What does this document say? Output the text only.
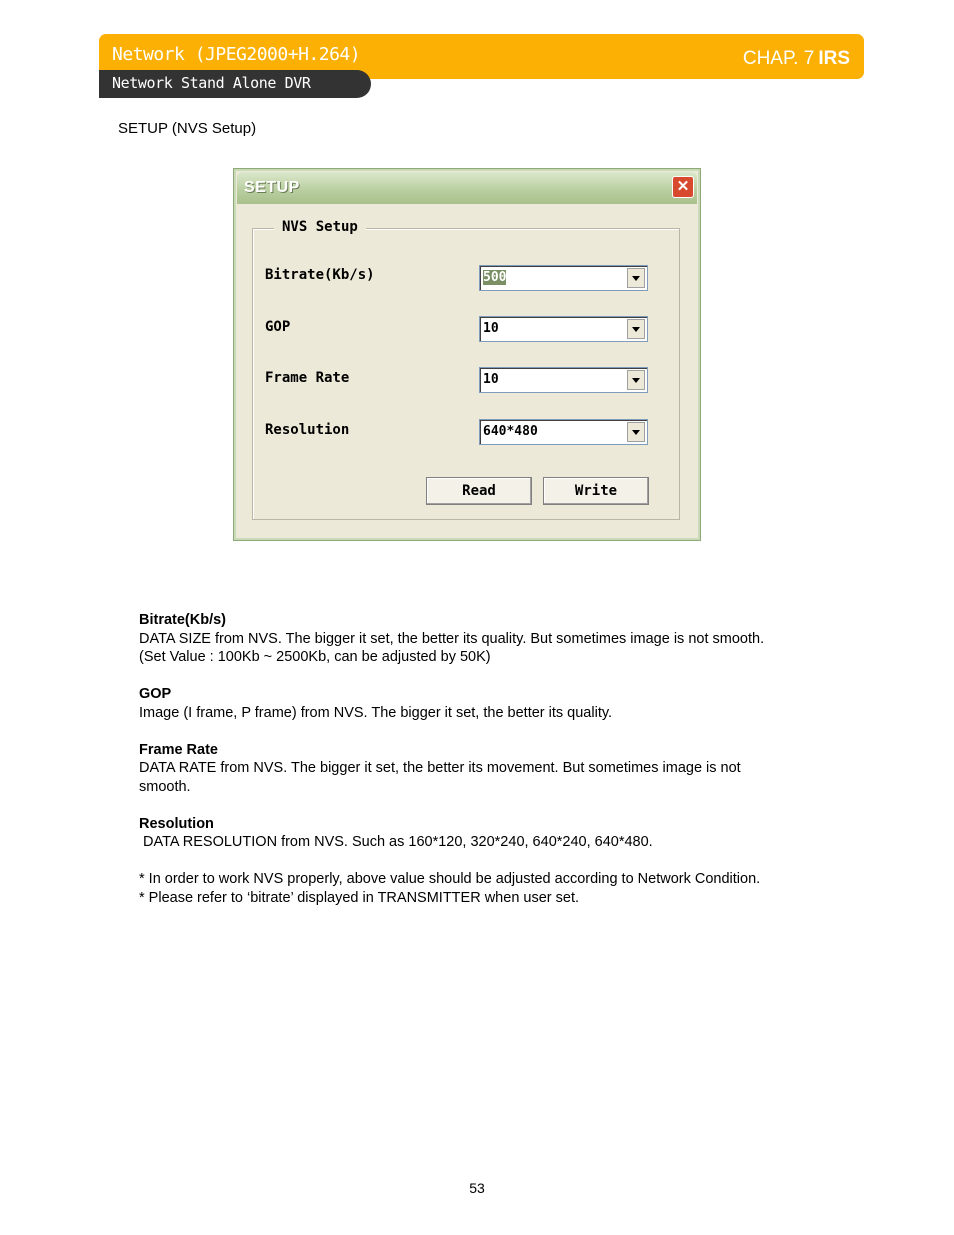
Network (JPEG2000+H.264)	CHAP. 7 IRS
Network Stand Alone DVR
SETUP (NVS Setup)
SETUP	✕
NVS Setup
Bitrate(Kb/s)	500
GOP	10
Frame Rate	10
Resolution	640*480
Read	Write

Bitrate(Kb/s)

DATA SIZE from NVS. The bigger it set, the better its quality. But sometimes image is not smooth.

(Set Value : 100Kb ~ 2500Kb, can be adjusted by 50K)

GOP

Image (I frame, P frame) from NVS. The bigger it set, the better its quality.

Frame Rate

DATA RATE from NVS. The bigger it set, the better its movement. But sometimes image is not

smooth.

Resolution

DATA RESOLUTION from NVS. Such as 160*120, 320*240, 640*240, 640*480.

* In order to work NVS properly, above value should be adjusted according to Network Condition.

* Please refer to ‘bitrate’ displayed in TRANSMITTER when user set.

53
